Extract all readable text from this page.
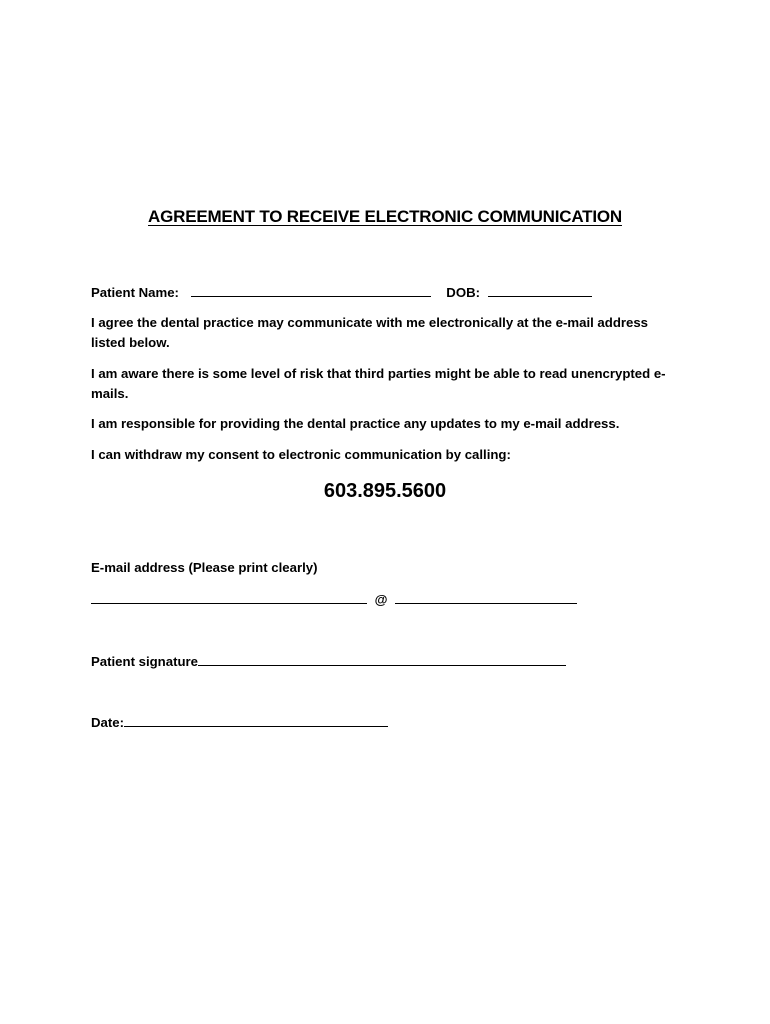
AGREEMENT TO RECEIVE ELECTRONIC COMMUNICATION
Patient Name:	DOB:
I agree the dental practice may communicate with me electronically at the e-mail address listed below.
I am aware there is some level of risk that third parties might be able to read unencrypted e-mails.
I am responsible for providing the dental practice any updates to my e-mail address.
I can withdraw my consent to electronic communication by calling:
603.895.5600
E-mail address (Please print clearly)
@
Patient signature
Date:
